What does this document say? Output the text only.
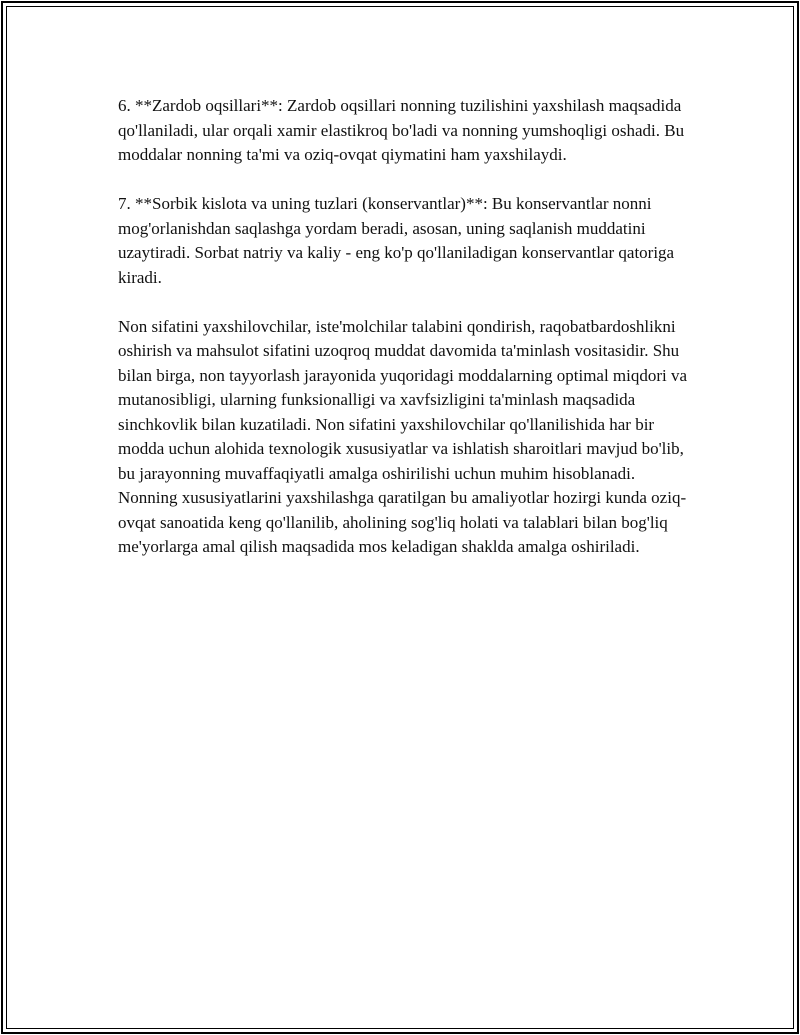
6. **Zardob oqsillari**: Zardob oqsillari nonning tuzilishini yaxshilash maqsadida qo'llaniladi, ular orqali xamir elastikroq bo'ladi va nonning yumshoqligi oshadi. Bu moddalar nonning ta'mi va oziq-ovqat qiymatini ham yaxshilaydi.

7. **Sorbik kislota va uning tuzlari (konservantlar)**: Bu konservantlar nonni mog'orlanishdan saqlashga yordam beradi, asosan, uning saqlanish muddatini uzaytiradi. Sorbat natriy va kaliy - eng ko'p qo'llaniladigan konservantlar qatoriga kiradi.

Non sifatini yaxshilovchilar, iste'molchilar talabini qondirish, raqobatbardoshlikni oshirish va mahsulot sifatini uzoqroq muddat davomida ta'minlash vositasidir. Shu bilan birga, non tayyorlash jarayonida yuqoridagi moddalarning optimal miqdori va mutanosibligi, ularning funksionalligi va xavfsizligini ta'minlash maqsadida sinchkovlik bilan kuzatiladi. Non sifatini yaxshilovchilar qo'llanilishida har bir modda uchun alohida texnologik xususiyatlar va ishlatish sharoitlari mavjud bo'lib, bu jarayonning muvaffaqiyatli amalga oshirilishi uchun muhim hisoblanadi. Nonning xususiyatlarini yaxshilashga qaratilgan bu amaliyotlar hozirgi kunda oziq-ovqat sanoatida keng qo'llanilib, aholining sog'liq holati va talablari bilan bog'liq me'yorlarga amal qilish maqsadida mos keladigan shaklda amalga oshiriladi.
